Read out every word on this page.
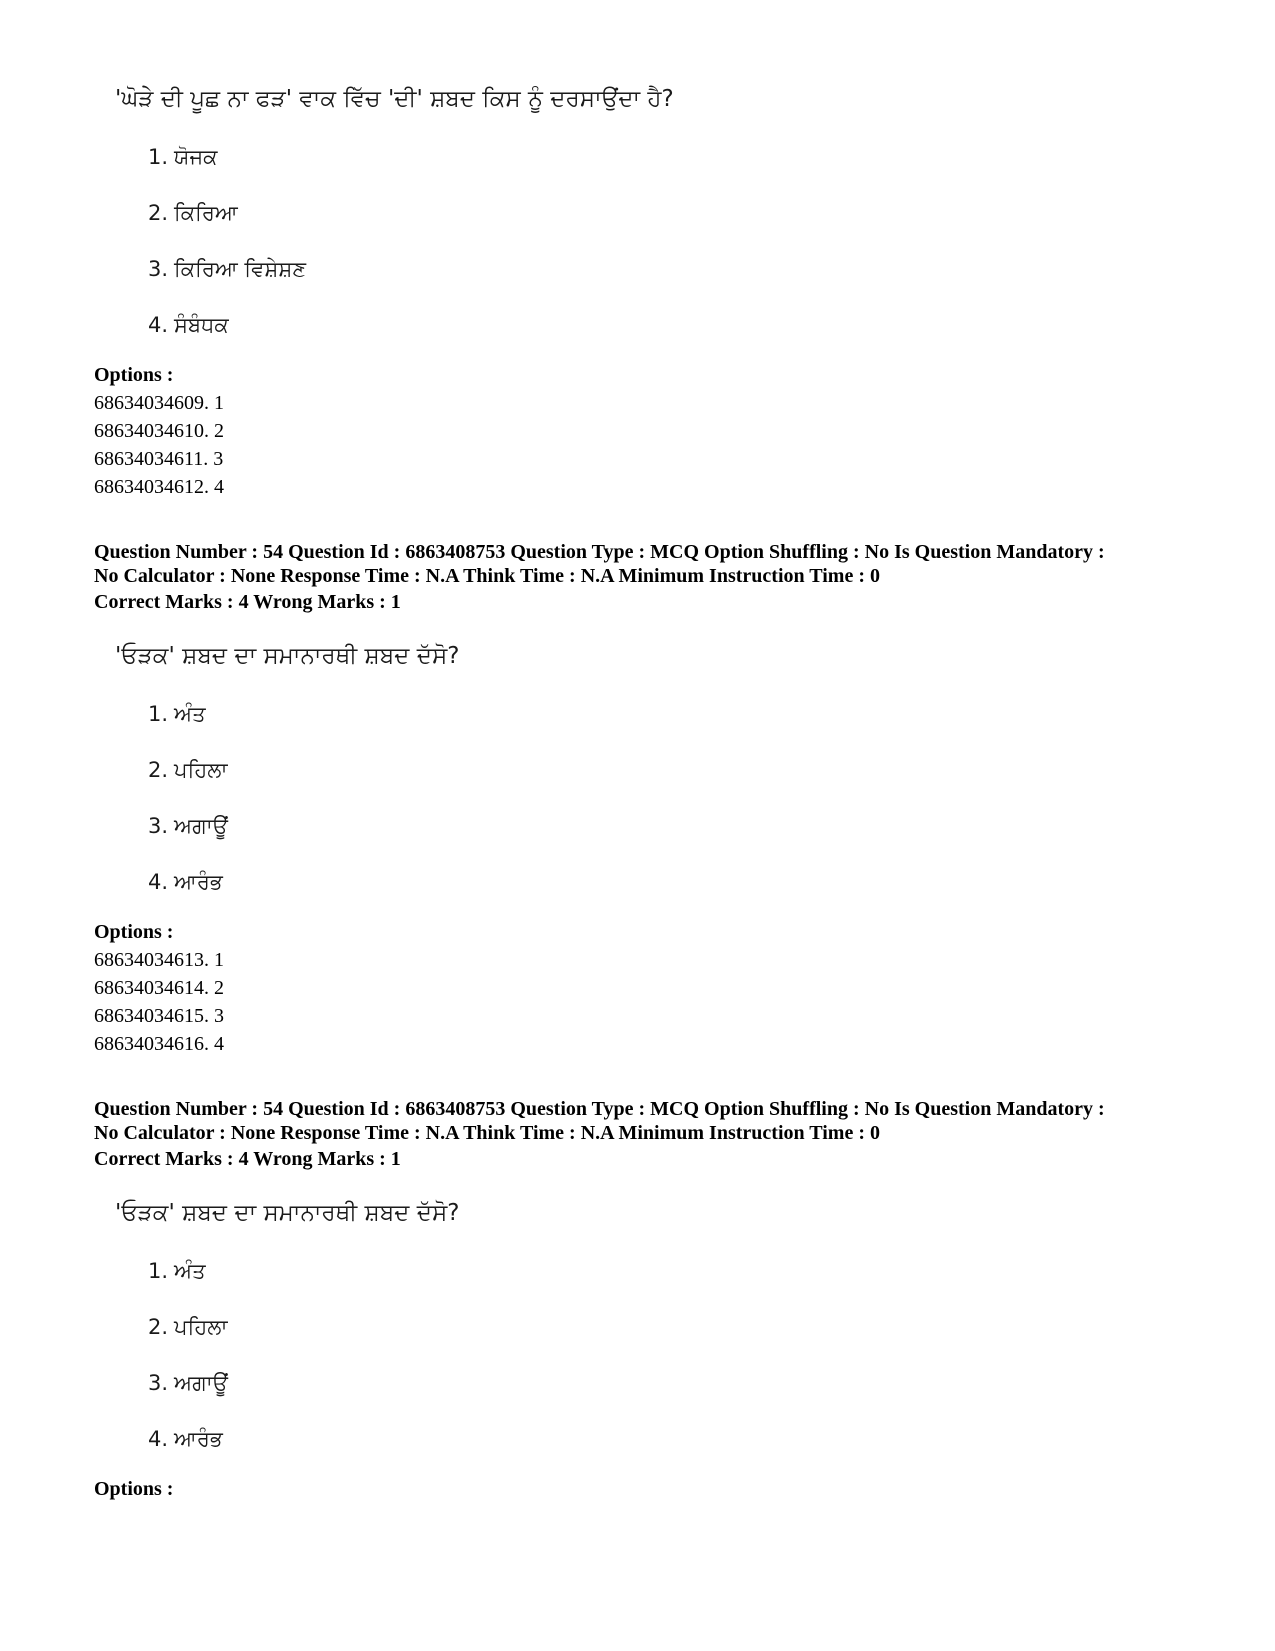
'ਘੋੜੇ ਦੀ ਪੂਛ ਨਾ ਫੜ' ਵਾਕ ਵਿੱਚ 'ਦੀ' ਸ਼ਬਦ ਕਿਸ ਨੂੰ ਦਰਸਾਉਂਦਾ ਹੈ?
1. ਯੋਜਕ
2. ਕਿਰਿਆ
3. ਕਿਰਿਆ ਵਿਸ਼ੇਸ਼ਣ
4. ਸੰਬੰਧਕ
Options :
68634034609. 1
68634034610. 2
68634034611. 3
68634034612. 4
Question Number : 54 Question Id : 6863408753 Question Type : MCQ Option Shuffling : No Is Question Mandatory :
No Calculator : None Response Time : N.A Think Time : N.A Minimum Instruction Time : 0
Correct Marks : 4 Wrong Marks : 1
'ਓੜਕ' ਸ਼ਬਦ ਦਾ ਸਮਾਨਾਰਥੀ ਸ਼ਬਦ ਦੱਸੋ?
1. ਅੰਤ
2. ਪਹਿਲਾ
3. ਅਗਾਊਂ
4. ਆਰੰਭ
Options :
68634034613. 1
68634034614. 2
68634034615. 3
68634034616. 4
Question Number : 54 Question Id : 6863408753 Question Type : MCQ Option Shuffling : No Is Question Mandatory :
No Calculator : None Response Time : N.A Think Time : N.A Minimum Instruction Time : 0
Correct Marks : 4 Wrong Marks : 1
'ਓੜਕ' ਸ਼ਬਦ ਦਾ ਸਮਾਨਾਰਥੀ ਸ਼ਬਦ ਦੱਸੋ?
1. ਅੰਤ
2. ਪਹਿਲਾ
3. ਅਗਾਊਂ
4. ਆਰੰਭ
Options :
